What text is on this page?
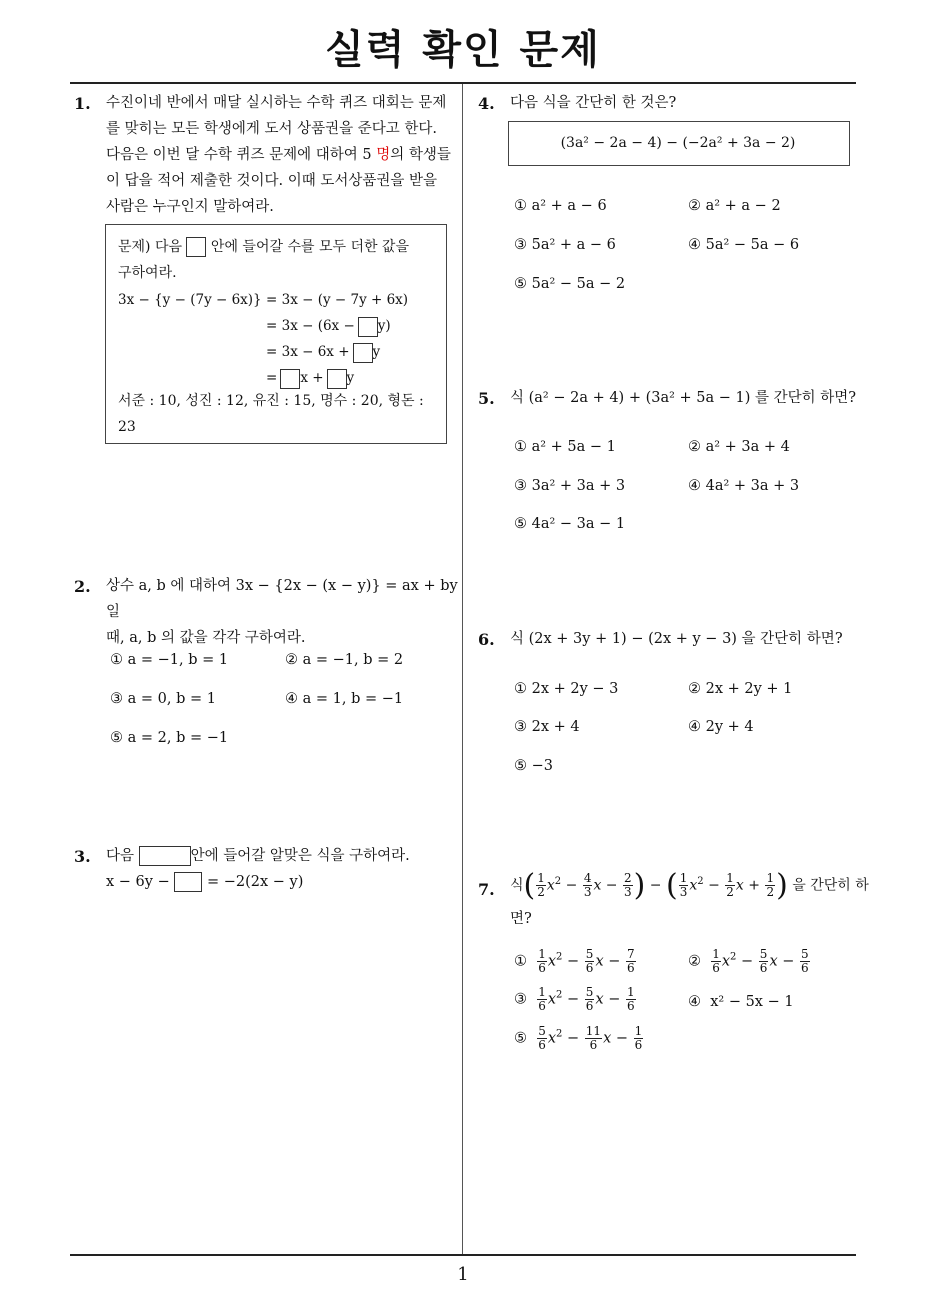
실력 확인 문제
1
1. 수진이네 반에서 매달 실시하는 수학 퀴즈 대회는 문제
를 맞히는 모든 학생에게 도서 상품권을 준다고 한다.
다음은 이번 달 수학 퀴즈 문제에 대하여 5 명의 학생들
이 답을 적어 제출한 것이다. 이때 도서상품권을 받을
사람은 누구인지 말하여라.
문제) 다음 안에 들어갈 수를 모두 더한 값을
구하여라.
3x − {y − (7y − 6x)} = 3x − (y − 7y + 6x)
= 3x − (6x − y)
= 3x − 6x + y
= x + y
서준 : 10, 성진 : 12, 유진 : 15, 명수 : 20, 형돈 :
23
2. 상수 a, b 에 대하여 3x − {2x − (x − y)} = ax + by 일
때, a, b 의 값을 각각 구하여라.
① a = −1, b = 1	② a = −1, b = 2
③ a = 0, b = 1	④ a = 1, b = −1
⑤ a = 2, b = −1
3. 다음	안에 들어갈 알맞은 식을 구하여라.
x − 6y −	= −2(2x − y)
4. 다음 식을 간단히 한 것은?
(3a² − 2a − 4) − (−2a² + 3a − 2)
① a² + a − 6	② a² + a − 2
③ 5a² + a − 6	④ 5a² − 5a − 6
⑤ 5a² − 5a − 2
5. 식 (a² − 2a + 4) + (3a² + 5a − 1) 를 간단히 하면?
① a² + 5a − 1	② a² + 3a + 4
③ 3a² + 3a + 3	④ 4a² + 3a + 3
⑤ 4a² − 3a − 1
6. 식 (2x + 3y + 1) − (2x + y − 3) 을 간단히 하면?
① 2x + 2y − 3	② 2x + 2y + 1
③ 2x + 4	④ 2y + 4
⑤ −3
7. 식( $\frac{1}{2} x^2 - \frac{4}{3}$ $x - \frac{2}{3}$ ) − ( $\frac{1}{3} x^2 - \frac{1}{2}$ $x + \frac{1}{2}$ ) 을 간단히 하
면?
① $\frac{1}{6} x^2 - \frac{5}{6}$ $x - \frac{7}{6}$	② $\frac{1}{6} x^2 - \frac{5}{6}$ $x - \frac{5}{6}$
③ $\frac{1}{6} x^2 - \frac{5}{6}$ $x - \frac{1}{6}$	④ x² − 5x − 1
⑤ $\frac{5}{6} x^2 - \frac{11}{6}$ $x - \frac{1}{6}$
